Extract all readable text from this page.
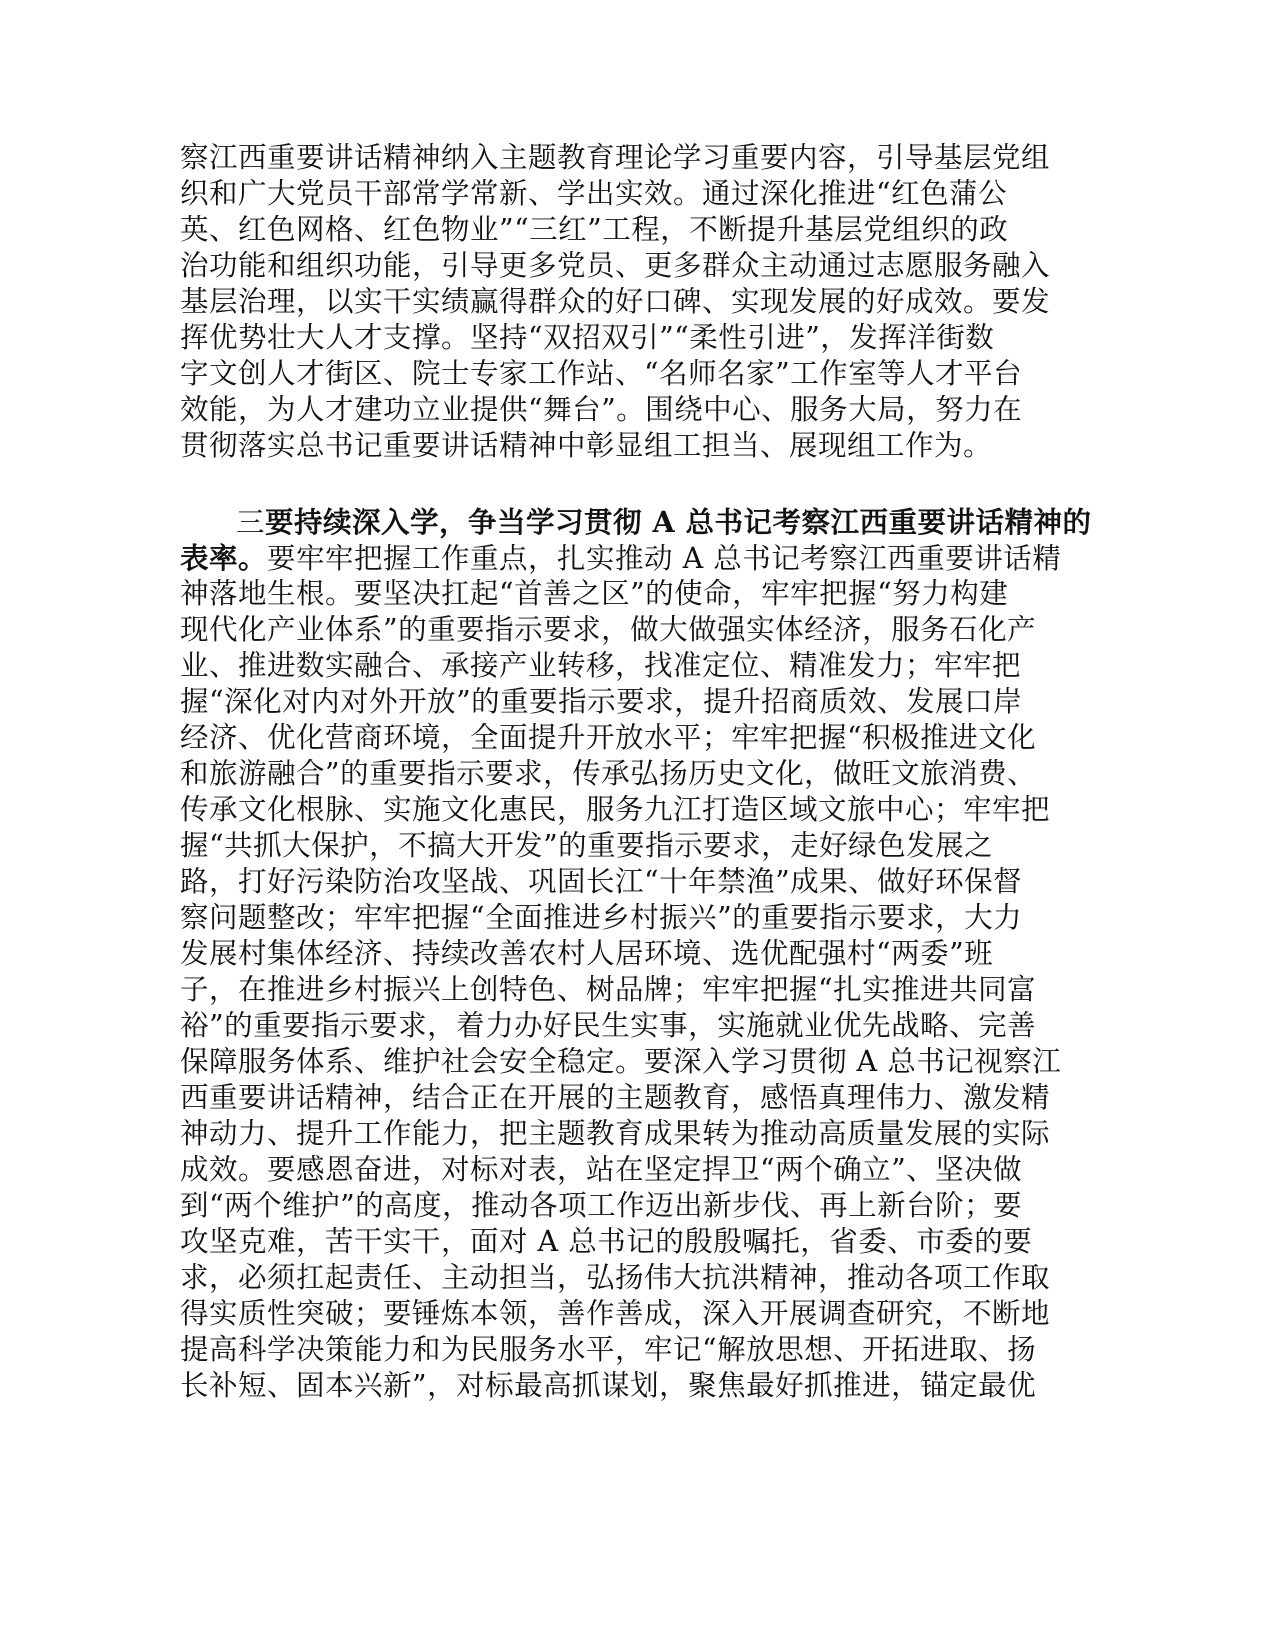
察江西重要讲话精神纳入主题教育理论学习重要内容，引导基层党组
织和广大党员干部常学常新、学出实效。通过深化推进“红色蒲公
英、红色网格、红色物业”“三红”工程，不断提升基层党组织的政
治功能和组织功能，引导更多党员、更多群众主动通过志愿服务融入
基层治理，以实干实绩赢得群众的好口碑、实现发展的好成效。要发
挥优势壮大人才支撑。坚持“双招双引”“柔性引进”，发挥洋街数
字文创人才街区、院士专家工作站、“名师名家”工作室等人才平台
效能，为人才建功立业提供“舞台”。围绕中心、服务大局，努力在
贯彻落实总书记重要讲话精神中彰显组工担当、展现组工作为。
三要持续深入学，争当学习贯彻 A 总书记考察江西重要讲话精神的
表率。要牢牢把握工作重点，扎实推动 A 总书记考察江西重要讲话精
神落地生根。要坚决扛起“首善之区”的使命，牢牢把握“努力构建
现代化产业体系”的重要指示要求，做大做强实体经济，服务石化产
业、推进数实融合、承接产业转移，找准定位、精准发力；牢牢把
握“深化对内对外开放”的重要指示要求，提升招商质效、发展口岸
经济、优化营商环境，全面提升开放水平；牢牢把握“积极推进文化
和旅游融合”的重要指示要求，传承弘扬历史文化，做旺文旅消费、
传承文化根脉、实施文化惠民，服务九江打造区域文旅中心；牢牢把
握“共抓大保护，不搞大开发”的重要指示要求，走好绿色发展之
路，打好污染防治攻坚战、巩固长江“十年禁渔”成果、做好环保督
察问题整改；牢牢把握“全面推进乡村振兴”的重要指示要求，大力
发展村集体经济、持续改善农村人居环境、选优配强村“两委”班
子，在推进乡村振兴上创特色、树品牌；牢牢把握“扎实推进共同富
裕”的重要指示要求，着力办好民生实事，实施就业优先战略、完善
保障服务体系、维护社会安全稳定。要深入学习贯彻 A 总书记视察江
西重要讲话精神，结合正在开展的主题教育，感悟真理伟力、激发精
神动力、提升工作能力，把主题教育成果转为推动高质量发展的实际
成效。要感恩奋进，对标对表，站在坚定捍卫“两个确立”、坚决做
到“两个维护”的高度，推动各项工作迈出新步伐、再上新台阶；要
攻坚克难，苦干实干，面对 A 总书记的殷殷嘱托，省委、市委的要
求，必须扛起责任、主动担当，弘扬伟大抗洪精神，推动各项工作取
得实质性突破；要锤炼本领，善作善成，深入开展调查研究，不断地
提高科学决策能力和为民服务水平，牢记“解放思想、开拓进取、扬
长补短、固本兴新”，对标最高抓谋划，聚焦最好抓推进，锚定最优
